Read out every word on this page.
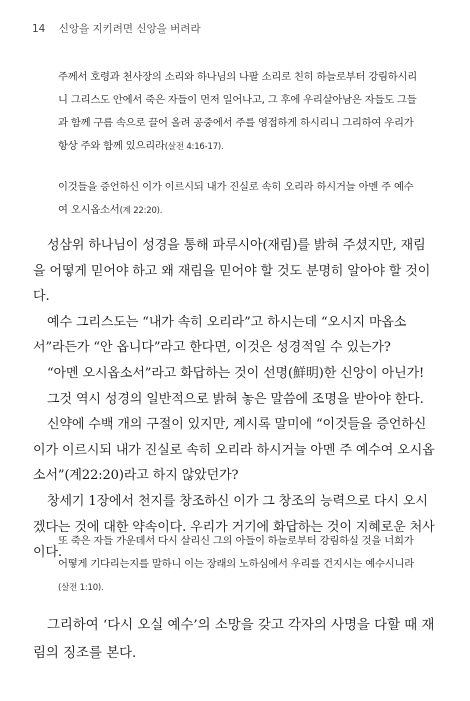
14 신앙을 지키려면 신앙을 버려라
주께서 호령과 천사장의 소리와 하나님의 나팔 소리로 친히 하늘로부터 강림하시리니 그리스도 안에서 죽은 자들이 먼저 일어나고, 그 후에 우리살아남은 자들도 그들과 함께 구름 속으로 끌어 올려 공중에서 주를 영접하게 하시리니 그리하여 우리가 항상 주와 함께 있으리라(살전 4:16-17).
이것들을 증언하신 이가 이르시되 내가 진실로 속히 오리라 하시거늘 아멘 주 예수여 오시옵소서(계 22:20).

성삼위 하나님이 성경을 통해 파루시아(재림)를 밝혀 주셨지만, 재림을 어떻게 믿어야 하고 왜 재림을 믿어야 할 것도 분명히 알아야 할 것이다.

예수 그리스도는 “내가 속히 오리라”고 하시는데 “오시지 마옵소서”라든가 “안 옵니다”라고 한다면, 이것은 성경적일 수 있는가?

“아멘 오시옵소서”라고 화답하는 것이 선명(鮮明)한 신앙이 아닌가!

그것 역시 성경의 일반적으로 밝혀 놓은 말씀에 조명을 받아야 한다.

신약에 수백 개의 구절이 있지만, 계시록 말미에 “이것들을 증언하신 이가 이르시되 내가 진실로 속히 오리라 하시거늘 아멘 주 예수여 오시옵소서”(계22:20)라고 하지 않았던가?

창세기 1장에서 천지를 창조하신 이가 그 창조의 능력으로 다시 오시겠다는 것에 대한 약속이다. 우리가 거기에 화답하는 것이 지혜로운 처사이다.

또 죽은 자들 가운데서 다시 살리신 그의 아들이 하늘로부터 강림하실 것을 너희가 어떻게 기다리는지를 말하니 이는 장래의 노하심에서 우리를 건지시는 예수시니라(살전 1:10).

그리하여 ‘다시 오실 예수’의 소망을 갖고 각자의 사명을 다할 때 재림의 징조를 본다.
